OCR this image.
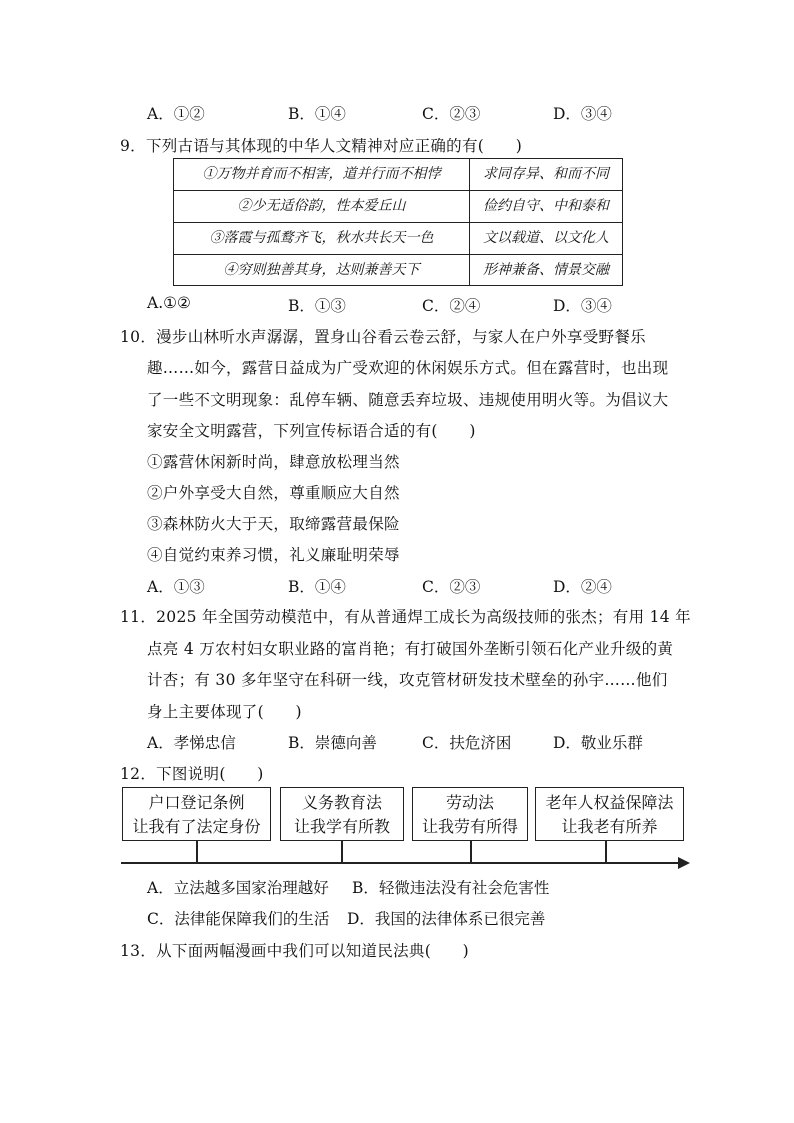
A．①②	B．①④	C．②③	D．③④
9．下列古语与其体现的中华人文精神对应正确的有(　　)
①万物并育而不相害，道并行而不相悖	求同存异、和而不同
②少无适俗韵，性本爱丘山	俭约自守、中和泰和
③落霞与孤鹜齐飞，秋水共长天一色	文以载道、以文化人
④穷则独善其身，达则兼善天下	形神兼备、情景交融
A.①②	B．①③	C．②④	D．③④
10．漫步山林听水声潺潺，置身山谷看云卷云舒，与家人在户外享受野餐乐
趣……如今，露营日益成为广受欢迎的休闲娱乐方式。但在露营时，也出现
了一些不文明现象：乱停车辆、随意丢弃垃圾、违规使用明火等。为倡议大
家安全文明露营，下列宣传标语合适的有(　　)
①露营休闲新时尚，肆意放松理当然
②户外享受大自然，尊重顺应大自然
③森林防火大于天，取缔露营最保险
④自觉约束养习惯，礼义廉耻明荣辱
A．①③	B．①④	C．②③	D．②④
11．2025 年全国劳动模范中，有从普通焊工成长为高级技师的张杰；有用 14 年
点亮 4 万农村妇女职业路的富肖艳；有打破国外垄断引领石化产业升级的黄
计杏；有 30 多年坚守在科研一线，攻克管材研发技术壁垒的孙宇……他们
身上主要体现了(　　)
A．孝悌忠信	B．崇德向善	C．扶危济困	D．敬业乐群
12．下图说明(　　)
户口登记条例
让我有了法定身份
义务教育法
让我学有所教
劳动法
让我劳有所得
老年人权益保障法
让我老有所养
A．立法越多国家治理越好 B．轻微违法没有社会危害性
C．法律能保障我们的生活 D．我国的法律体系已很完善
13．从下面两幅漫画中我们可以知道民法典(　　)
